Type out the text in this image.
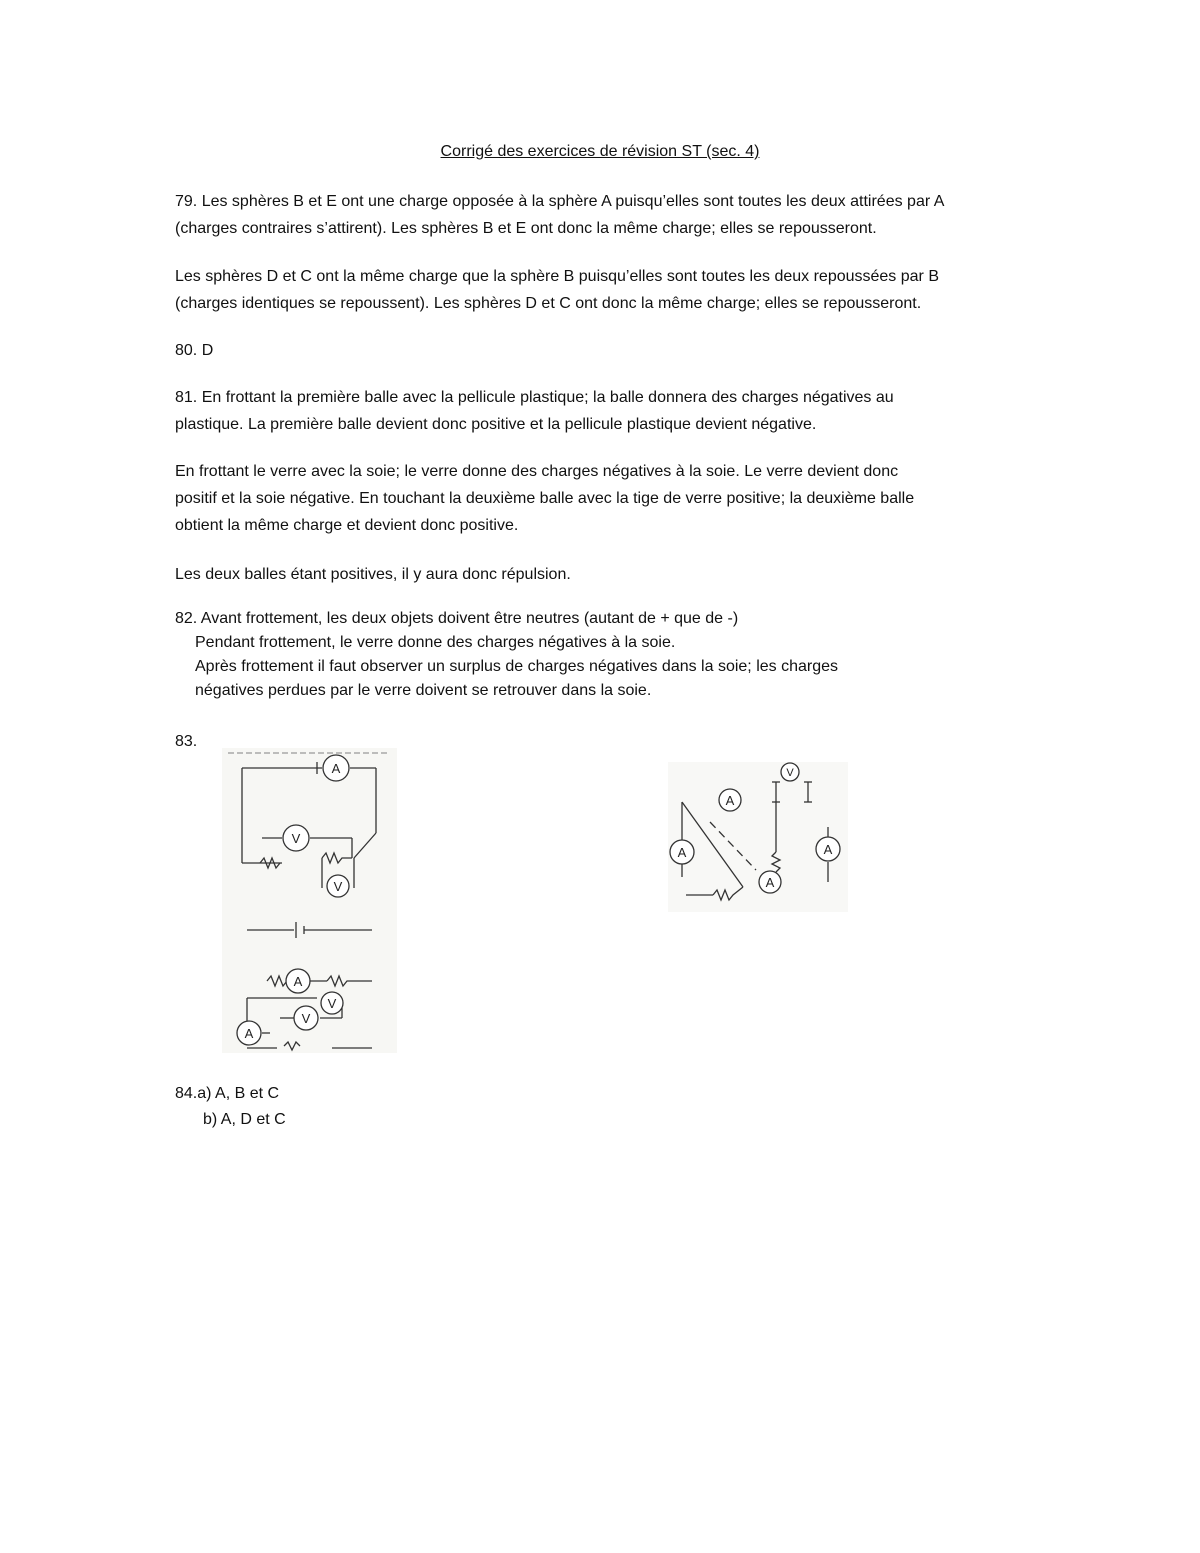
Corrigé des exercices de révision ST (sec. 4)
79. Les sphères B et E ont une charge opposée à la sphère A puisqu’elles sont toutes les deux attirées par A
(charges contraires s’attirent). Les sphères B et E ont donc la même charge; elles se repousseront.
Les sphères D et C ont la même charge que la sphère B puisqu’elles sont toutes les deux repoussées par B
(charges identiques se repoussent). Les sphères D et C ont donc la même charge; elles se repousseront.
80. D
81. En frottant la première balle avec la pellicule plastique; la balle donnera des charges négatives au
plastique. La première balle devient donc positive et la pellicule plastique devient négative.
En frottant le verre avec la soie; le verre donne des charges négatives à la soie. Le verre devient donc
positif et la soie négative. En touchant la deuxième balle avec la tige de verre positive; la deuxième balle
obtient la même charge et devient donc positive.
Les deux balles étant positives, il y aura donc répulsion.
82. Avant frottement, les deux objets doivent être neutres (autant de + que de -)
Pendant frottement, le verre donne des charges négatives à la soie.
Après frottement il faut observer un surplus de charges négatives dans la soie; les charges
négatives perdues par le verre doivent se retrouver dans la soie.
83.
A
V
V
A
V
V
A
A
A
V
A
A
84.a) A, B et C
b) A, D et C
